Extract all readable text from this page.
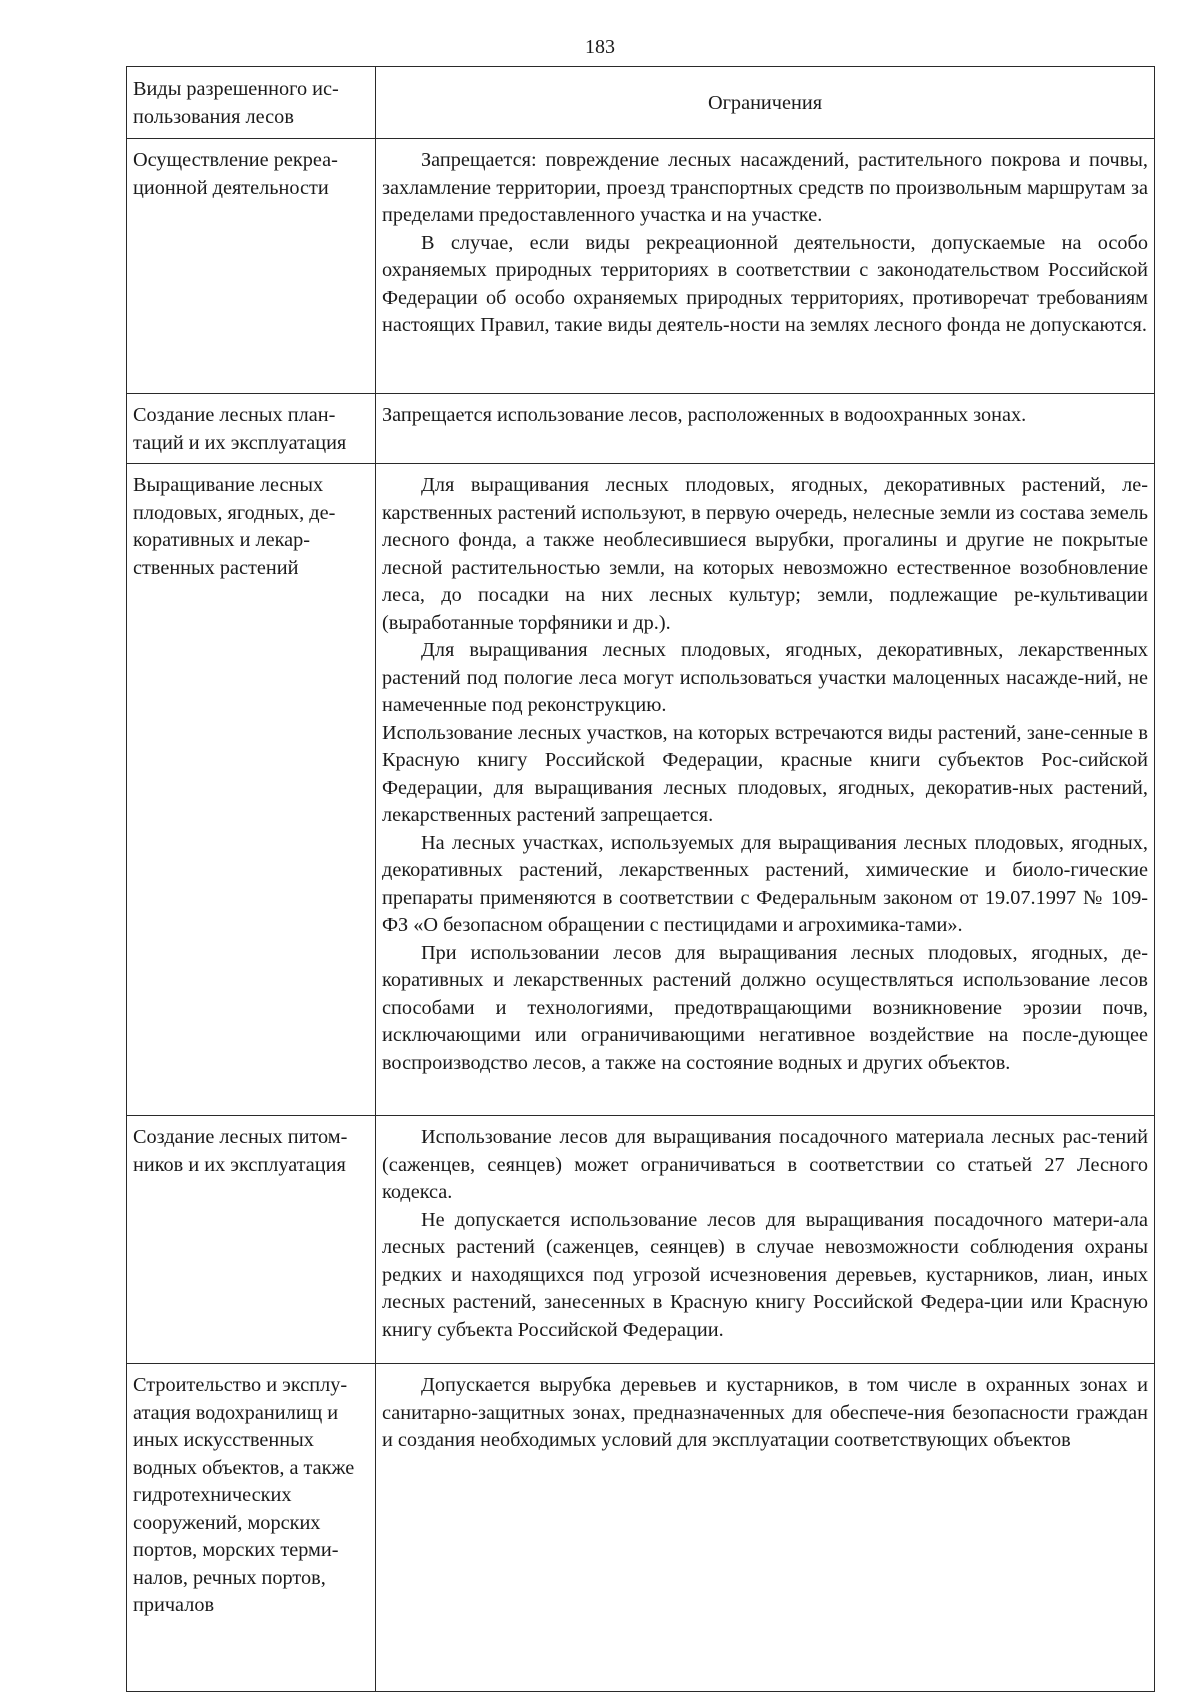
183
Виды разрешенного ис-пользования лесов	Ограничения
Осуществление рекреа-ционной деятельности	Запрещается: повреждение лесных насаждений, растительного покрова и почвы, захламление территории, проезд транспортных средств по произвольным маршрутам за пределами предоставленного участка и на участке.

В случае, если виды рекреационной деятельности, допускаемые на особо охраняемых природных территориях в соответствии с законодательством Российской Федерации об особо охраняемых природных территориях, противоречат требованиям настоящих Правил, такие виды деятель-ности на землях лесного фонда не допускаются.

Создание лесных план-таций и их эксплуатация	Запрещается использование лесов, расположенных в водоохранных зонах.

Выращивание лесных плодовых, ягодных, де-коративных и лекар-ственных растений	Для выращивания лесных плодовых, ягодных, декоративных растений, ле-карственных растений используют, в первую очередь, нелесные земли из состава земель лесного фонда, а также необлесившиеся вырубки, прогалины и другие не покрытые лесной растительностью земли, на которых невозможно естественное возобновление леса, до посадки на них лесных культур; земли, подлежащие ре-культивации (выработанные торфяники и др.).

Для выращивания лесных плодовых, ягодных, декоративных, лекарственных растений под пологие леса могут использоваться участки малоценных насажде-ний, не намеченные под реконструкцию.

Использование лесных участков, на которых встречаются виды растений, зане-сенные в Красную книгу Российской Федерации, красные книги субъектов Рос-сийской Федерации, для выращивания лесных плодовых, ягодных, декоратив-ных растений, лекарственных растений запрещается.

На лесных участках, используемых для выращивания лесных плодовых, ягодных, декоративных растений, лекарственных растений, химические и биоло-гические препараты применяются в соответствии с Федеральным законом от 19.07.1997 № 109-ФЗ «О безопасном обращении с пестицидами и агрохимика-тами».

При использовании лесов для выращивания лесных плодовых, ягодных, де-коративных и лекарственных растений должно осуществляться использование лесов способами и технологиями, предотвращающими возникновение эрозии почв, исключающими или ограничивающими негативное воздействие на после-дующее воспроизводство лесов, а также на состояние водных и других объектов.

Создание лесных питом-ников и их эксплуатация	Использование лесов для выращивания посадочного материала лесных рас-тений (саженцев, сеянцев) может ограничиваться в соответствии со статьей 27 Лесного кодекса.

Не допускается использование лесов для выращивания посадочного матери-ала лесных растений (саженцев, сеянцев) в случае невозможности соблюдения охраны редких и находящихся под угрозой исчезновения деревьев, кустарников, лиан, иных лесных растений, занесенных в Красную книгу Российской Федера-ции или Красную книгу субъекта Российской Федерации.

Строительство и эксплу-атация водохранилищ и иных искусственных водных объектов, а также гидротехнических сооружений, морских портов, морских терми-налов, речных портов, причалов	Допускается вырубка деревьев и кустарников, в том числе в охранных зонах и санитарно-защитных зонах, предназначенных для обеспече-ния безопасности граждан и создания необходимых условий для эксплуатации соответствующих объектов
